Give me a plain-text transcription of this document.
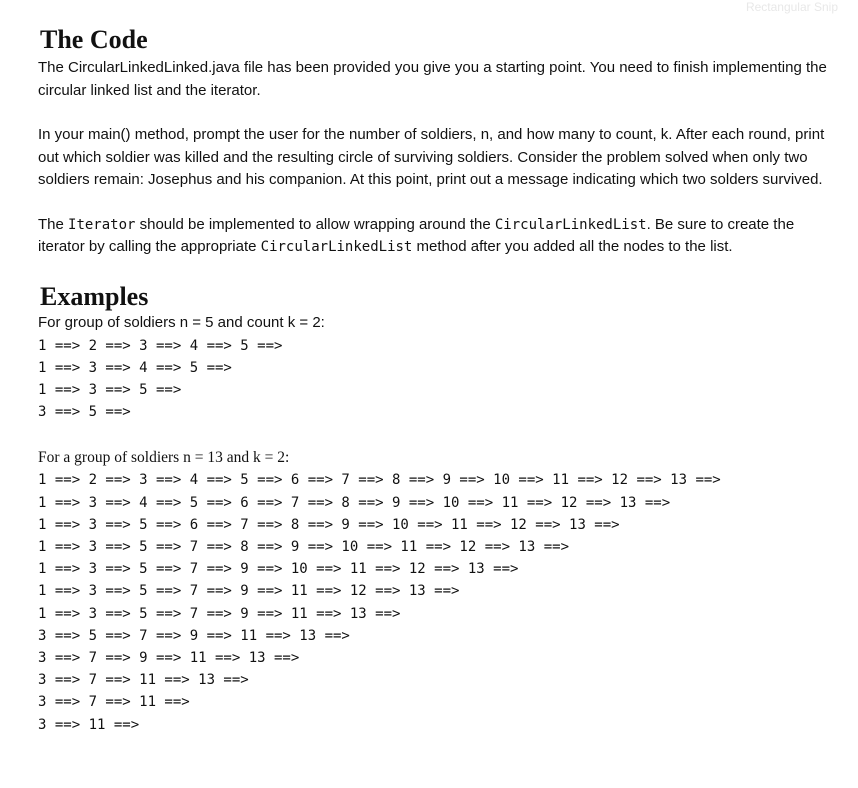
Rectangular Snip
The Code

The CircularLinkedLinked.java file has been provided you give you a starting point. You need to finish implementing the circular linked list and the iterator.

In your main() method, prompt the user for the number of soldiers, n, and how many to count, k. After each round, print out which soldier was killed and the resulting circle of surviving soldiers. Consider the problem solved when only two soldiers remain: Josephus and his companion. At this point, print out a message indicating which two solders survived.

The Iterator should be implemented to allow wrapping around the CircularLinkedList. Be sure to create the iterator by calling the appropriate CircularLinkedList method after you added all the nodes to the list.

Examples
For group of soldiers n = 5 and count k = 2:
1 ==> 2 ==> 3 ==> 4 ==> 5 ==>
1 ==> 3 ==> 4 ==> 5 ==>
1 ==> 3 ==> 5 ==>
3 ==> 5 ==>
For a group of soldiers n = 13 and k = 2:
1 ==> 2 ==> 3 ==> 4 ==> 5 ==> 6 ==> 7 ==> 8 ==> 9 ==> 10 ==> 11 ==> 12 ==> 13 ==>
1 ==> 3 ==> 4 ==> 5 ==> 6 ==> 7 ==> 8 ==> 9 ==> 10 ==> 11 ==> 12 ==> 13 ==>
1 ==> 3 ==> 5 ==> 6 ==> 7 ==> 8 ==> 9 ==> 10 ==> 11 ==> 12 ==> 13 ==>
1 ==> 3 ==> 5 ==> 7 ==> 8 ==> 9 ==> 10 ==> 11 ==> 12 ==> 13 ==>
1 ==> 3 ==> 5 ==> 7 ==> 9 ==> 10 ==> 11 ==> 12 ==> 13 ==>
1 ==> 3 ==> 5 ==> 7 ==> 9 ==> 11 ==> 12 ==> 13 ==>
1 ==> 3 ==> 5 ==> 7 ==> 9 ==> 11 ==> 13 ==>
3 ==> 5 ==> 7 ==> 9 ==> 11 ==> 13 ==>
3 ==> 7 ==> 9 ==> 11 ==> 13 ==>
3 ==> 7 ==> 11 ==> 13 ==>
3 ==> 7 ==> 11 ==>
3 ==> 11 ==>
